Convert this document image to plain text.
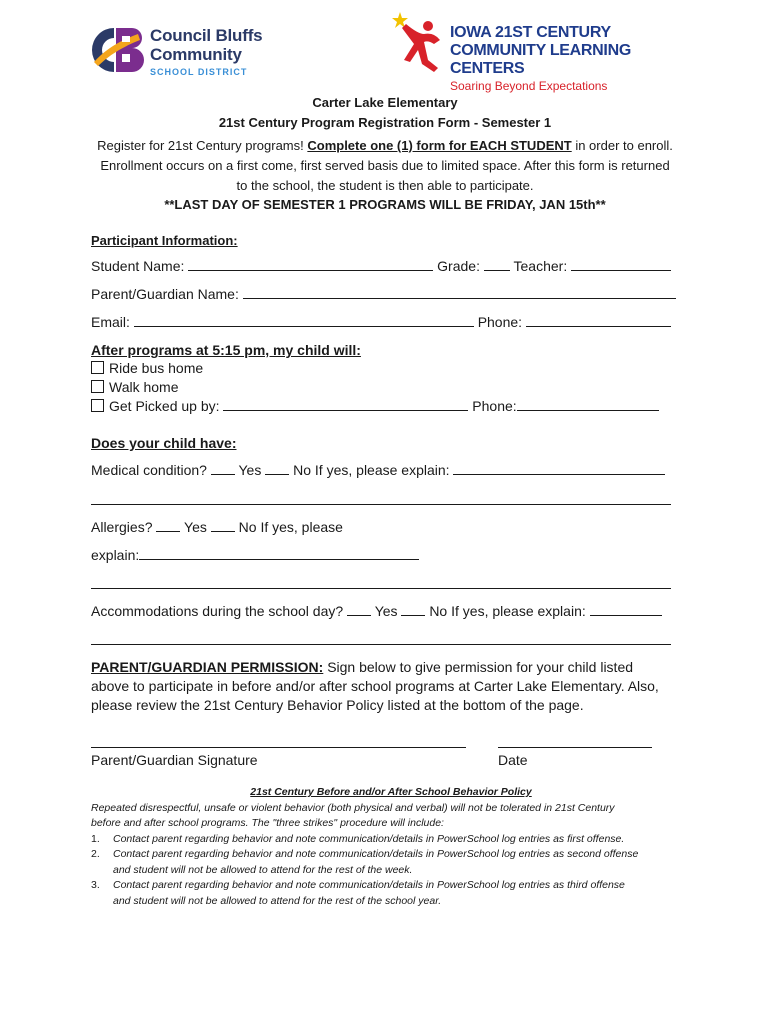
Council Bluffs
Community
SCHOOL DISTRICT
IOWA 21ST CENTURY
COMMUNITY LEARNING CENTERS
Soaring Beyond Expectations
Carter Lake Elementary
21st Century Program Registration Form - Semester 1
Register for 21st Century programs! Complete one (1) form for EACH STUDENT in order to enroll.
Enrollment occurs on a first come, first served basis due to limited space. After this form is returned
to the school, the student is then able to participate.
**LAST DAY OF SEMESTER 1 PROGRAMS WILL BE FRIDAY, JAN 15th**
Participant Information:
Student Name:	Grade: Teacher:
Parent/Guardian Name:
Email:	Phone:
After programs at 5:15 pm, my child will:
Ride bus home
Walk home
Get Picked up by:	Phone:
Does your child have:
Medical condition? Yes No If yes, please explain:
Allergies? Yes No If yes, please
explain:
Accommodations during the school day? Yes No If yes, please explain:
PARENT/GUARDIAN PERMISSION: Sign below to give permission for your child listed
above to participate in before and/or after school programs at Carter Lake Elementary. Also,
please review the 21st Century Behavior Policy listed at the bottom of the page.
Parent/Guardian Signature	Date
21st Century Before and/or After School Behavior Policy
Repeated disrespectful, unsafe or violent behavior (both physical and verbal) will not be tolerated in 21st Century
before and after school programs. The "three strikes" procedure will include:
1. Contact parent regarding behavior and note communication/details in PowerSchool log entries as first offense.
2. Contact parent regarding behavior and note communication/details in PowerSchool log entries as second offense
and student will not be allowed to attend for the rest of the week.
3. Contact parent regarding behavior and note communication/details in PowerSchool log entries as third offense
and student will not be allowed to attend for the rest of the school year.
